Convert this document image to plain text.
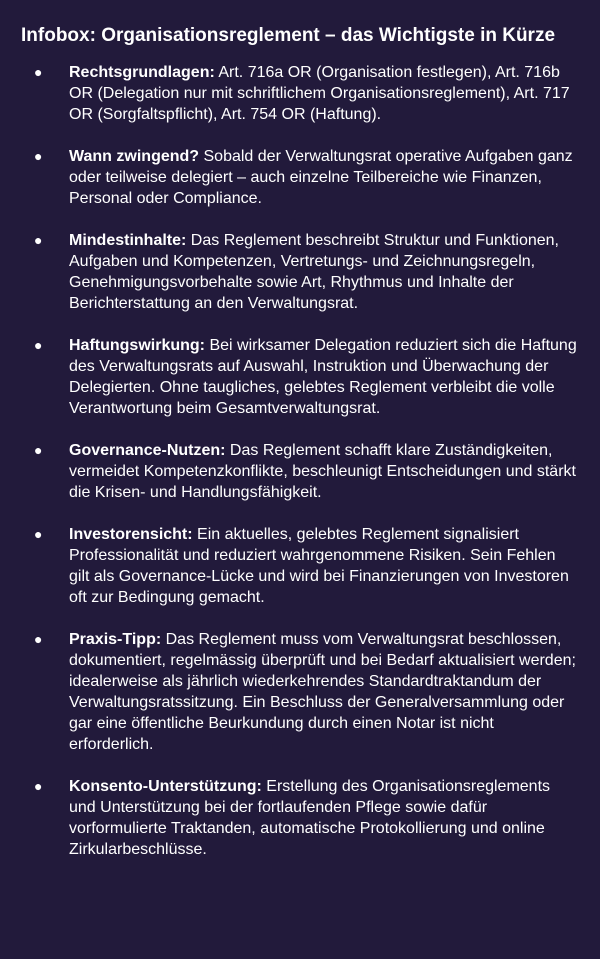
Infobox: Organisationsreglement – das Wichtigste in Kürze
● Rechtsgrundlagen: Art. 716a OR (Organisation festlegen), Art. 716b OR (Delegation nur mit schriftlichem Organisationsreglement), Art. 717 OR (Sorgfaltspflicht), Art. 754 OR (Haftung).
● Wann zwingend? Sobald der Verwaltungsrat operative Aufgaben ganz oder teilweise delegiert – auch einzelne Teilbereiche wie Finanzen, Personal oder Compliance.
● Mindestinhalte: Das Reglement beschreibt Struktur und Funktionen, Aufgaben und Kompetenzen, Vertretungs- und Zeichnungsregeln, Genehmigungsvorbehalte sowie Art, Rhythmus und Inhalte der Berichterstattung an den Verwaltungsrat.
● Haftungswirkung: Bei wirksamer Delegation reduziert sich die Haftung des Verwaltungsrats auf Auswahl, Instruktion und Überwachung der Delegierten. Ohne taugliches, gelebtes Reglement verbleibt die volle Verantwortung beim Gesamtverwaltungsrat.
● Governance-Nutzen: Das Reglement schafft klare Zuständigkeiten, vermeidet Kompetenzkonflikte, beschleunigt Entscheidungen und stärkt die Krisen- und Handlungsfähigkeit.
● Investorensicht: Ein aktuelles, gelebtes Reglement signalisiert Professionalität und reduziert wahrgenommene Risiken. Sein Fehlen gilt als Governance-Lücke und wird bei Finanzierungen von Investoren oft zur Bedingung gemacht.
● Praxis-Tipp: Das Reglement muss vom Verwaltungsrat beschlossen, dokumentiert, regelmässig überprüft und bei Bedarf aktualisiert werden; idealerweise als jährlich wiederkehrendes Standardtraktandum der Verwaltungsratssitzung. Ein Beschluss der Generalversammlung oder gar eine öffentliche Beurkundung durch einen Notar ist nicht erforderlich.
● Konsento-Unterstützung: Erstellung des Organisationsreglements und Unterstützung bei der fortlaufenden Pflege sowie dafür vorformulierte Traktanden, automatische Protokollierung und online Zirkularbeschlüsse.
